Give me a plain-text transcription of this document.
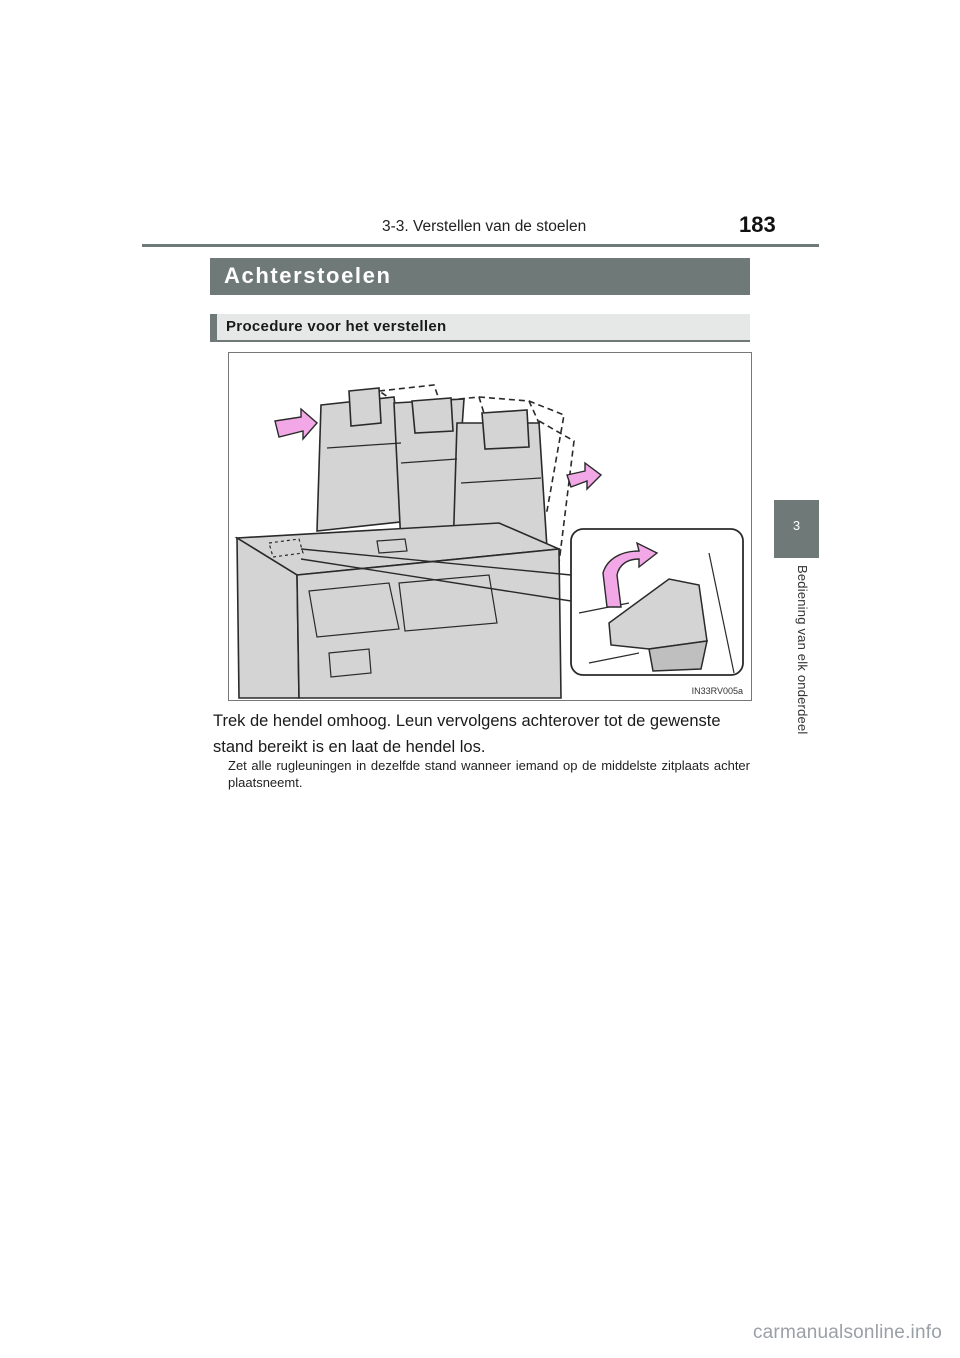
3-3. Verstellen van de stoelen	183
3
Bediening van elk onderdeel
Achterstoelen
Procedure voor het verstellen
IN33RV005a
Trek de hendel omhoog. Leun vervolgens achterover tot de gewenste stand bereikt is en laat de hendel los.
Zet alle rugleuningen in dezelfde stand wanneer iemand op de middelste zitplaats achter plaatsneemt.
carmanualsonline.info
